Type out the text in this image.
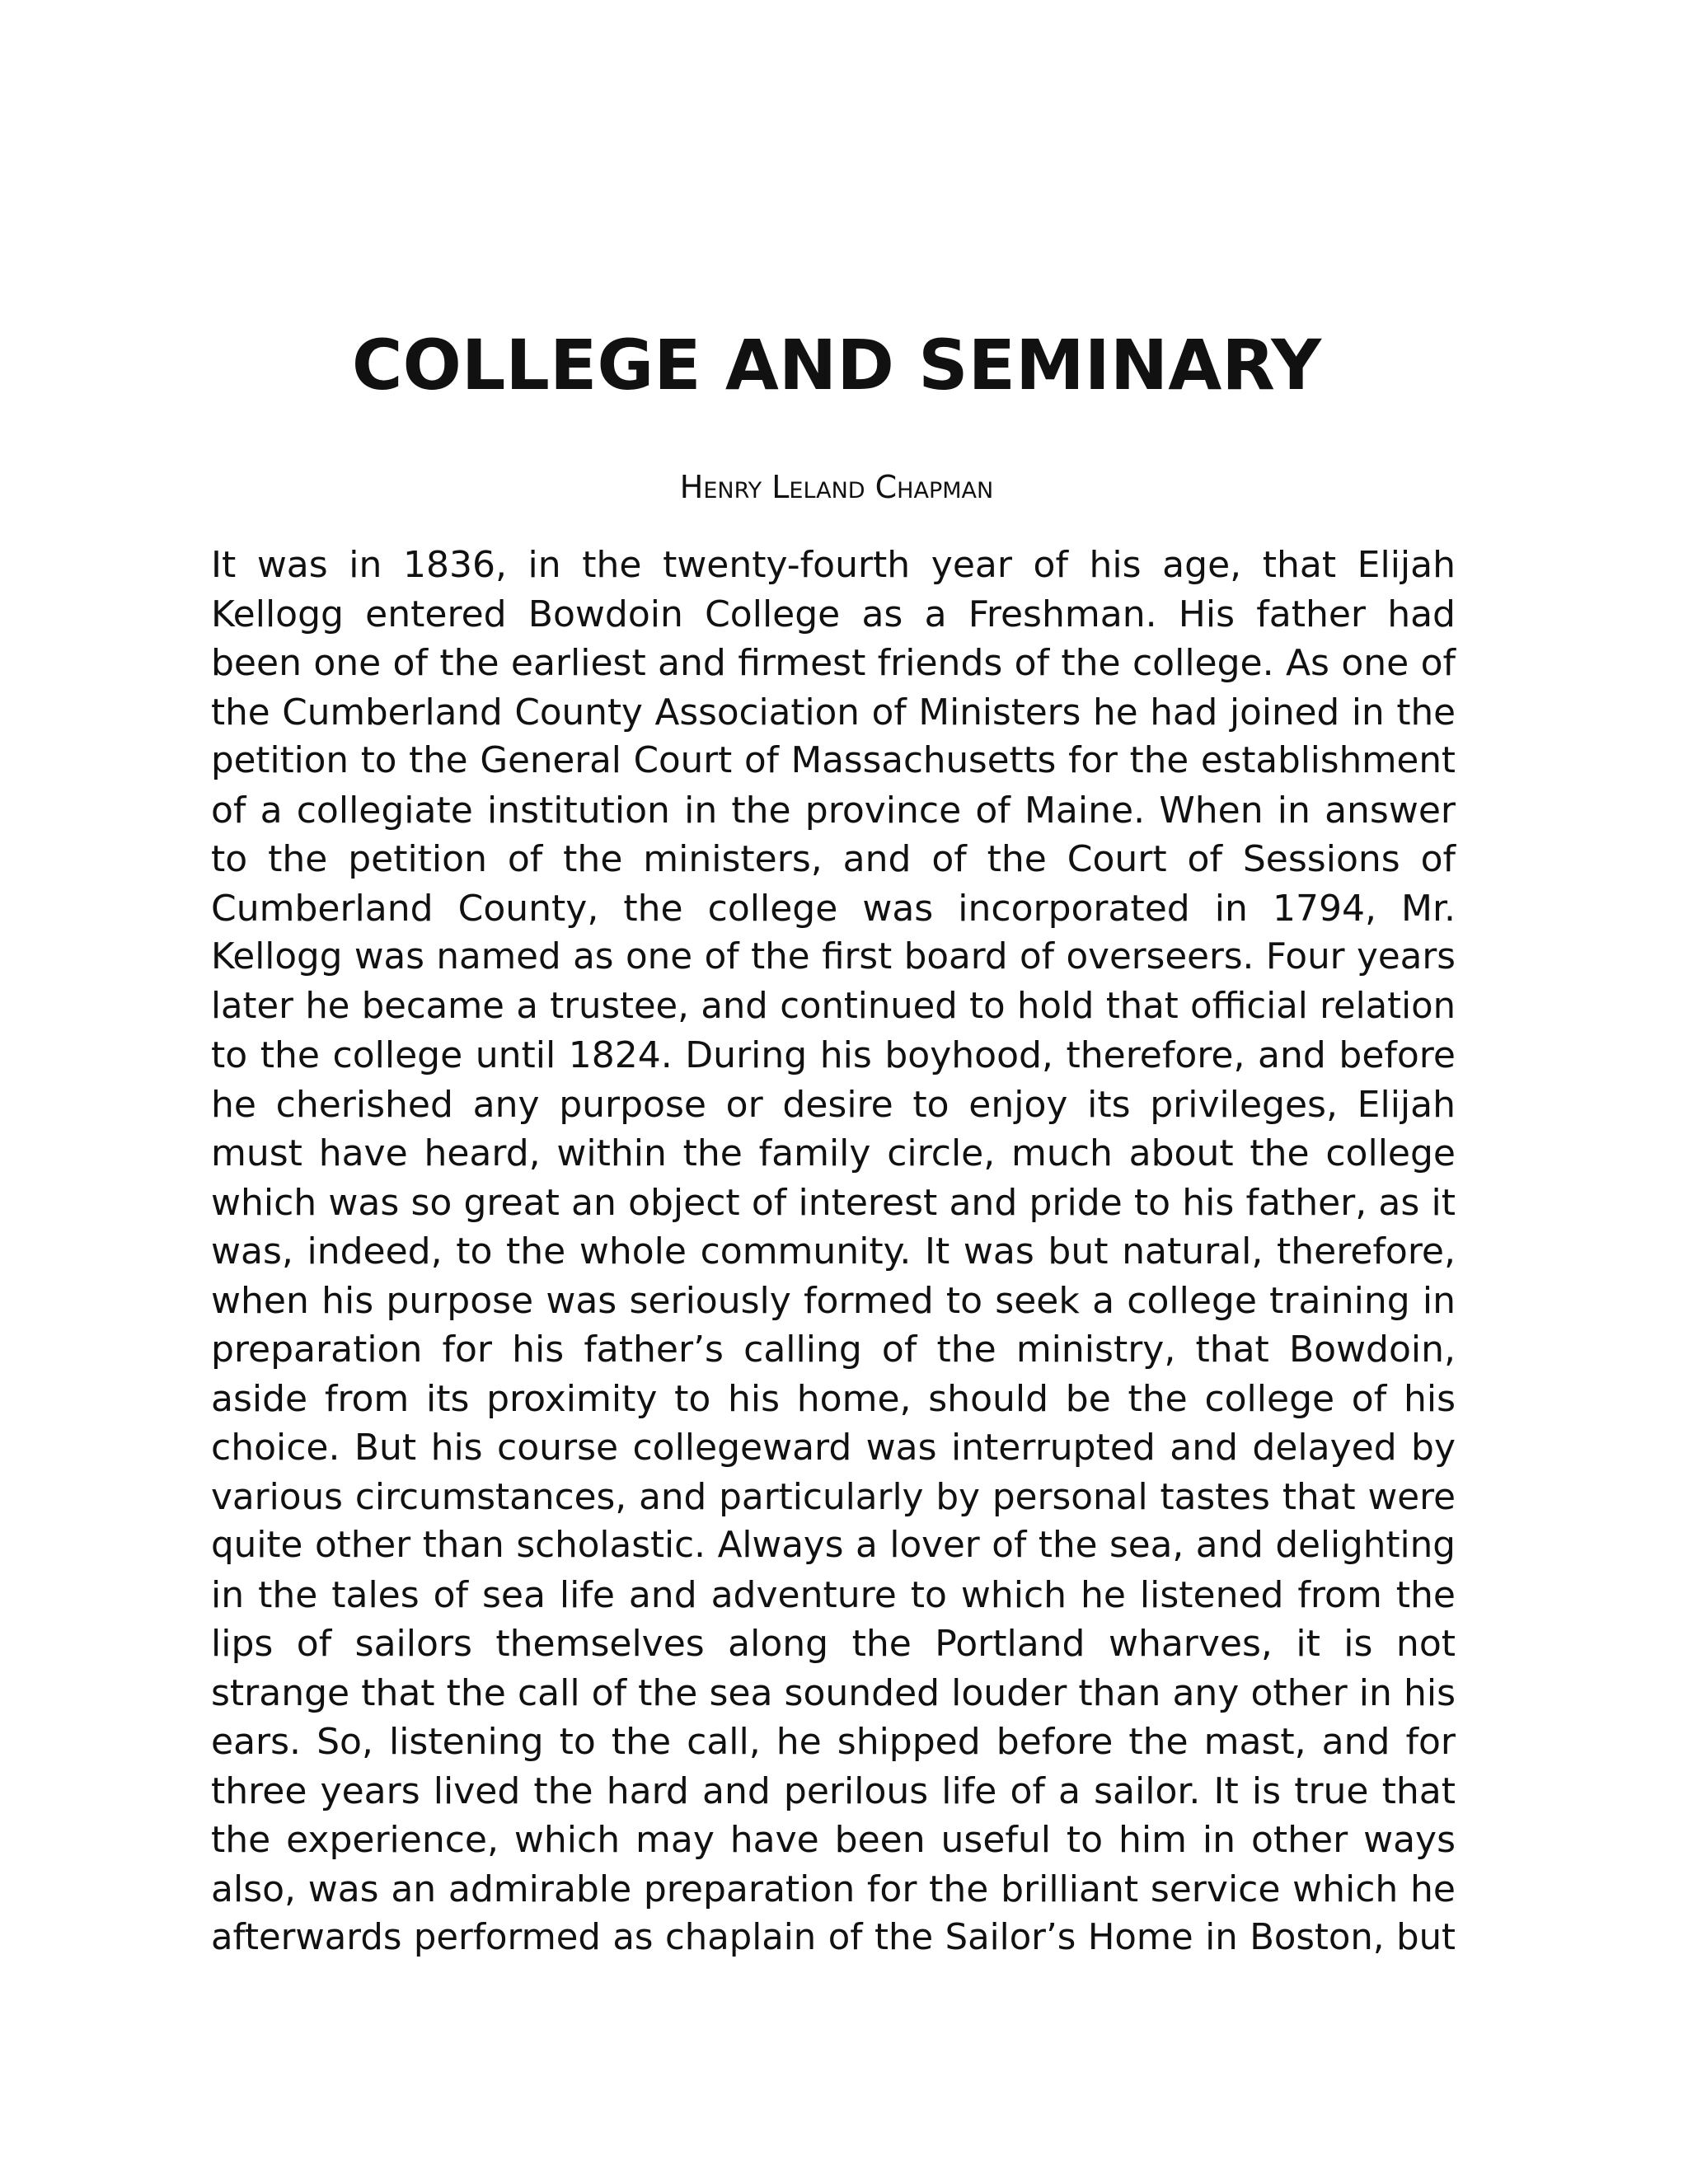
COLLEGE AND SEMINARY
Henry Leland Chapman
It was in 1836, in the twenty-fourth year of his age, that Elijah
Kellogg entered Bowdoin College as a Freshman. His father had
been one of the earliest and firmest friends of the college. As one of
the Cumberland County Association of Ministers he had joined in the
petition to the General Court of Massachusetts for the establishment
of a collegiate institution in the province of Maine. When in answer
to the petition of the ministers, and of the Court of Sessions of
Cumberland County, the college was incorporated in 1794, Mr.
Kellogg was named as one of the first board of overseers. Four years
later he became a trustee, and continued to hold that official relation
to the college until 1824. During his boyhood, therefore, and before
he cherished any purpose or desire to enjoy its privileges, Elijah
must have heard, within the family circle, much about the college
which was so great an object of interest and pride to his father, as it
was, indeed, to the whole community. It was but natural, therefore,
when his purpose was seriously formed to seek a college training in
preparation for his father’s calling of the ministry, that Bowdoin,
aside from its proximity to his home, should be the college of his
choice. But his course collegeward was interrupted and delayed by
various circumstances, and particularly by personal tastes that were
quite other than scholastic. Always a lover of the sea, and delighting
in the tales of sea life and adventure to which he listened from the
lips of sailors themselves along the Portland wharves, it is not
strange that the call of the sea sounded louder than any other in his
ears. So, listening to the call, he shipped before the mast, and for
three years lived the hard and perilous life of a sailor. It is true that
the experience, which may have been useful to him in other ways
also, was an admirable preparation for the brilliant service which he
afterwards performed as chaplain of the Sailor’s Home in Boston, but
